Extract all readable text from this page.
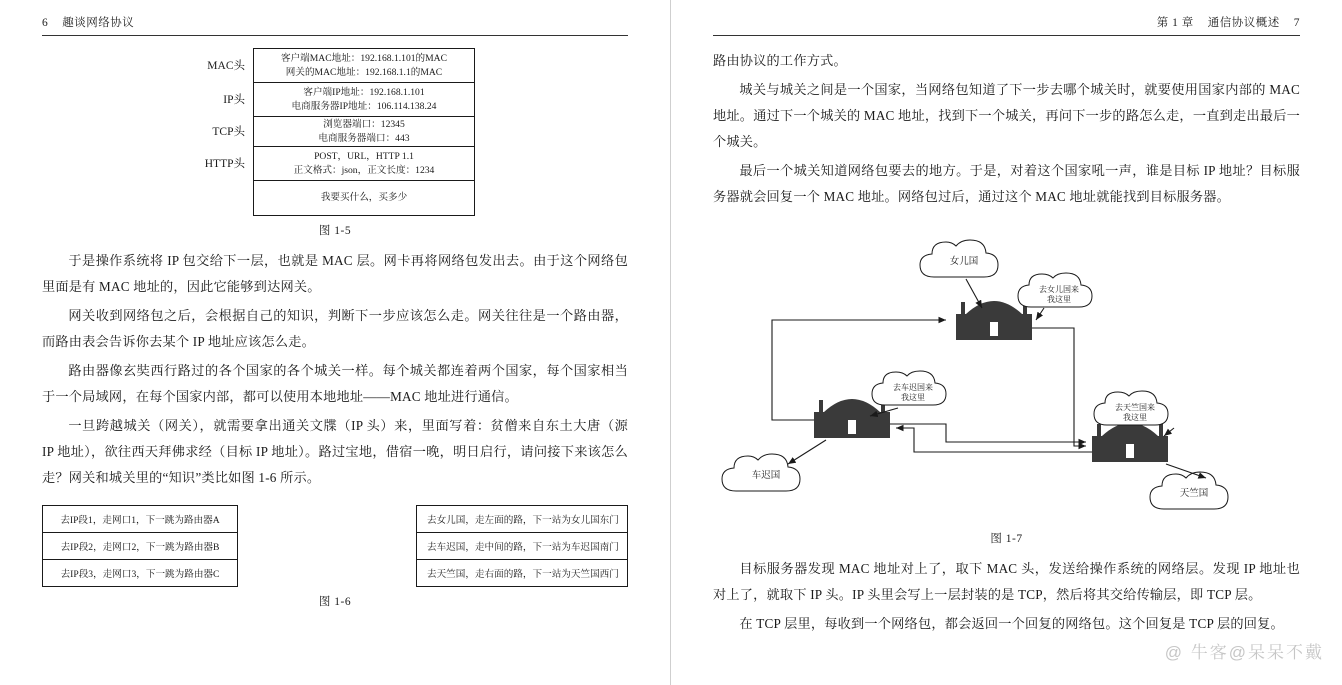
6 趣谈网络协议
MAC头
IP头
TCP头
HTTP头
客户端MAC地址：192.168.1.101的MAC
网关的MAC地址：192.168.1.1的MAC
客户端IP地址：192.168.1.101
电商服务器IP地址：106.114.138.24
浏览器端口：12345
电商服务器端口：443
POST，URL，HTTP 1.1
正文格式：json，正文长度：1234
我要买什么，买多少
图 1-5

于是操作系统将 IP 包交给下一层，也就是 MAC 层。网卡再将网络包发出去。由于这个网络包里面是有 MAC 地址的，因此它能够到达网关。

网关收到网络包之后，会根据自己的知识，判断下一步应该怎么走。网关往往是一个路由器，而路由表会告诉你去某个 IP 地址应该怎么走。

路由器像玄奘西行路过的各个国家的各个城关一样。每个城关都连着两个国家，每个国家相当于一个局域网，在每个国家内部，都可以使用本地地址——MAC 地址进行通信。

一旦跨越城关（网关），就需要拿出通关文牒（IP 头）来，里面写着：贫僧来自东土大唐（源 IP 地址），欲往西天拜佛求经（目标 IP 地址）。路过宝地，借宿一晚，明日启行，请问接下来该怎么走？网关和城关里的“知识”类比如图 1-6 所示。

去IP段1，走网口1，下一跳为路由器A
去IP段2，走网口2，下一跳为路由器B
去IP段3，走网口3，下一跳为路由器C
去女儿国，走左面的路，下一站为女儿国东门
去车迟国，走中间的路，下一站为车迟国南门
去天竺国，走右面的路，下一站为天竺国西门
图 1-6
第 1 章 通信协议概述 7

路由协议的工作方式。

城关与城关之间是一个国家，当网络包知道了下一步去哪个城关时，就要使用国家内部的 MAC 地址。通过下一个城关的 MAC 地址，找到下一个城关，再问下一步的路怎么走，一直到走出最后一个城关。

最后一个城关知道网络包要去的地方。于是，对着这个国家吼一声，谁是目标 IP 地址？目标服务器就会回复一个 MAC 地址。网络包过后，通过这个 MAC 地址就能找到目标服务器。

女儿国
车迟国
天竺国
去女儿国来
我这里
去车迟国来
我这里
去天竺国来
我这里
图 1-7

目标服务器发现 MAC 地址对上了，取下 MAC 头，发送给操作系统的网络层。发现 IP 地址也对上了，就取下 IP 头。IP 头里会写上一层封装的是 TCP，然后将其交给传输层，即 TCP 层。

在 TCP 层里，每收到一个网络包，都会返回一个回复的网络包。这个回复是 TCP 层的回复。

@ 牛客@呆呆不戴
